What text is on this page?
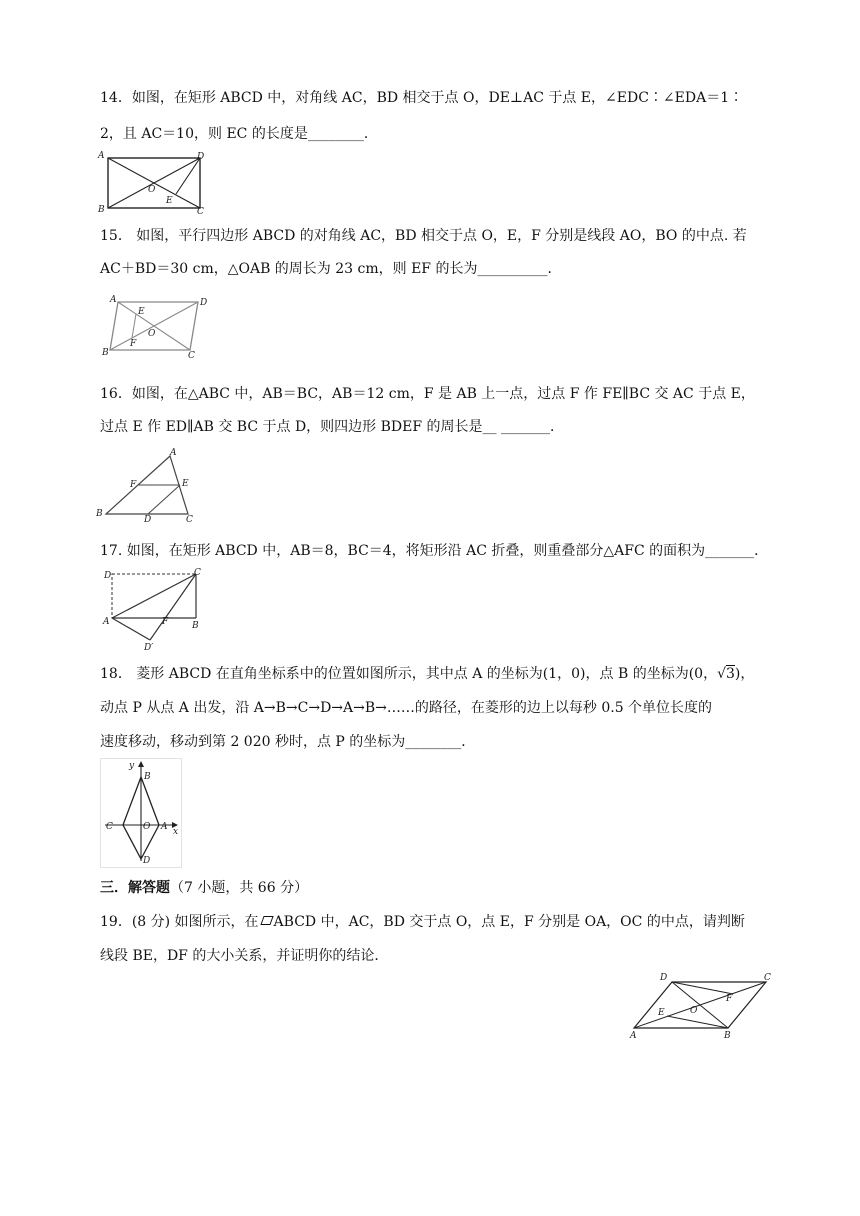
14．如图，在矩形 ABCD 中，对角线 AC，BD 相交于点 O，DE⊥AC 于点 E，∠EDC∶∠EDA＝1∶
2，且 AC＝10，则 EC 的长度是________．
A
B	C
D
O
E
15． 如图，平行四边形 ABCD 的对角线 AC，BD 相交于点 O，E，F 分别是线段 AO，BO 的中点. 若
AC＋BD＝30 cm，△OAB 的周长为 23 cm，则 EF 的长为__________．
A
B	C
D
E
F
O
16．如图，在△ABC 中，AB＝BC，AB＝12 cm，F 是 AB 上一点，过点 F 作 FE∥BC 交 AC 于点 E，
过点 E 作 ED∥AB 交 BC 于点 D，则四边形 BDEF 的周长是__ _______．
A
B
C
D
E
F
17. 如图，在矩形 ABCD 中，AB＝8，BC＝4，将矩形沿 AC 折叠，则重叠部分△AFC 的面积为_______．
D	C
A	B
F
D′
18． 菱形 ABCD 在直角坐标系中的位置如图所示，其中点 A 的坐标为(1，0)，点 B 的坐标为(0，√3)，
动点 P 从点 A 出发，沿 A→B→C→D→A→B→……的路径，在菱形的边上以每秒 0.5 个单位长度的
速度移动，移动到第 2 020 秒时，点 P 的坐标为________．
y
x
B
C	A
D
O
三．解答题（7 小题，共 66 分）
19．(8 分) 如图所示，在 ABCD 中，AC，BD 交于点 O，点 E，F 分别是 OA，OC 的中点，请判断
线段 BE，DF 的大小关系，并证明你的结论．
A	B
C
D
E
F
O
